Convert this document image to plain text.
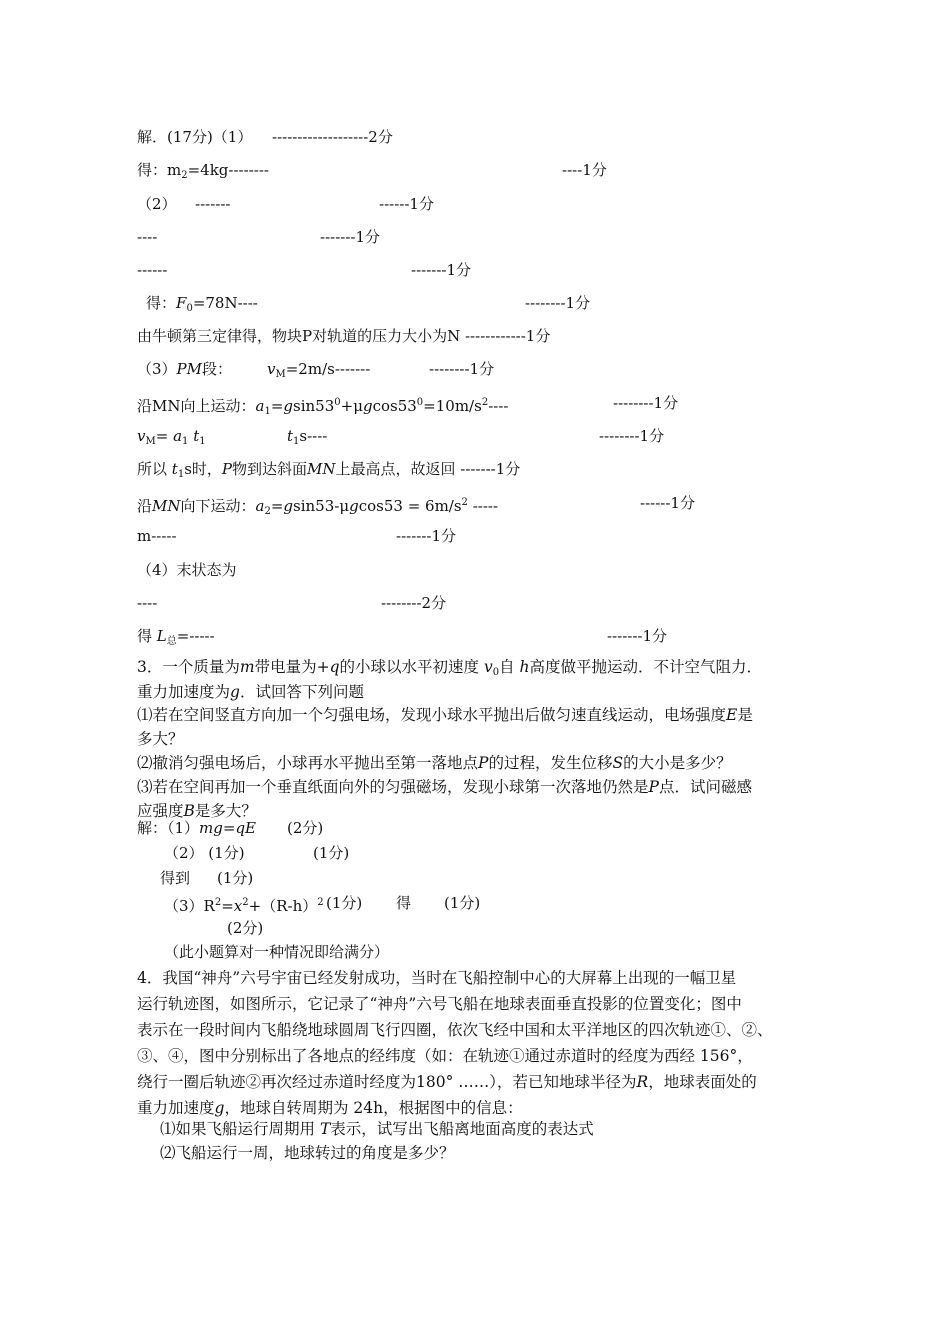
解．(17分)（1） -------------------2分
得：$m_2=4kg--------$	----1分
（2） -------	------1分
----	-------1分
------	-------1分
得：$F_0=78N----$	--------1分
由牛顿第三定律得，物块P对轨道的压力大小为N ------------1分
（3）PM段： $v_M=2m/s-------$	--------1分
沿MN向上运动：$a_1=gsin53^0+\mu gcos53^0=10m/s^2----$	--------1分
$v_M= a_1$ $t_1$	$t_1s----$	--------1分
所以 $t_1s$时，P物到达斜面MN上最高点，故返回 -------1分
沿MN向下运动：$a_2=gsin53-\mu gcos53 = 6m/s^2$ -----	------1分
m-----	-------1分
（4）末状态为
----	--------2分
得 $L_总=-----$	-------1分
3．一个质量为m带电量为+q的小球以水平初速度 $v_0$自 h高度做平抛运动．不计空气阻力．
重力加速度为g．试回答下列问题
⑴若在空间竖直方向加一个匀强电场，发现小球水平抛出后做匀速直线运动，电场强度E是
多大？
⑵撤消匀强电场后，小球再水平抛出至第一落地点P的过程，发生位移S的大小是多少？
⑶若在空间再加一个垂直纸面向外的匀强磁场，发现小球第一次落地仍然是P点．试问磁感
应强度B是多大？
解：（1）mg=qE (2分)
（2） (1分)	(1分)
得到 (1分)
$(3)R^2=x^2+(R-h)^2$ (1分) 得 (1分)
(2分)
（此小题算对一种情况即给满分）
4．我国“神舟”六号宇宙已经发射成功，当时在飞船控制中心的大屏幕上出现的一幅卫星
运行轨迹图，如图所示，它记录了“神舟”六号飞船在地球表面垂直投影的位置变化；图中
表示在一段时间内飞船绕地球圆周飞行四圈，依次飞经中国和太平洋地区的四次轨迹①、②、
③、④，图中分别标出了各地点的经纬度（如：在轨迹①通过赤道时的经度为西经 156°，
绕行一圈后轨迹②再次经过赤道时经度为180° ……），若已知地球半径为R，地球表面处的
重力加速度g，地球自转周期为 24h，根据图中的信息：
⑴如果飞船运行周期用 T表示，试写出飞船离地面高度的表达式
⑵飞船运行一周，地球转过的角度是多少？
